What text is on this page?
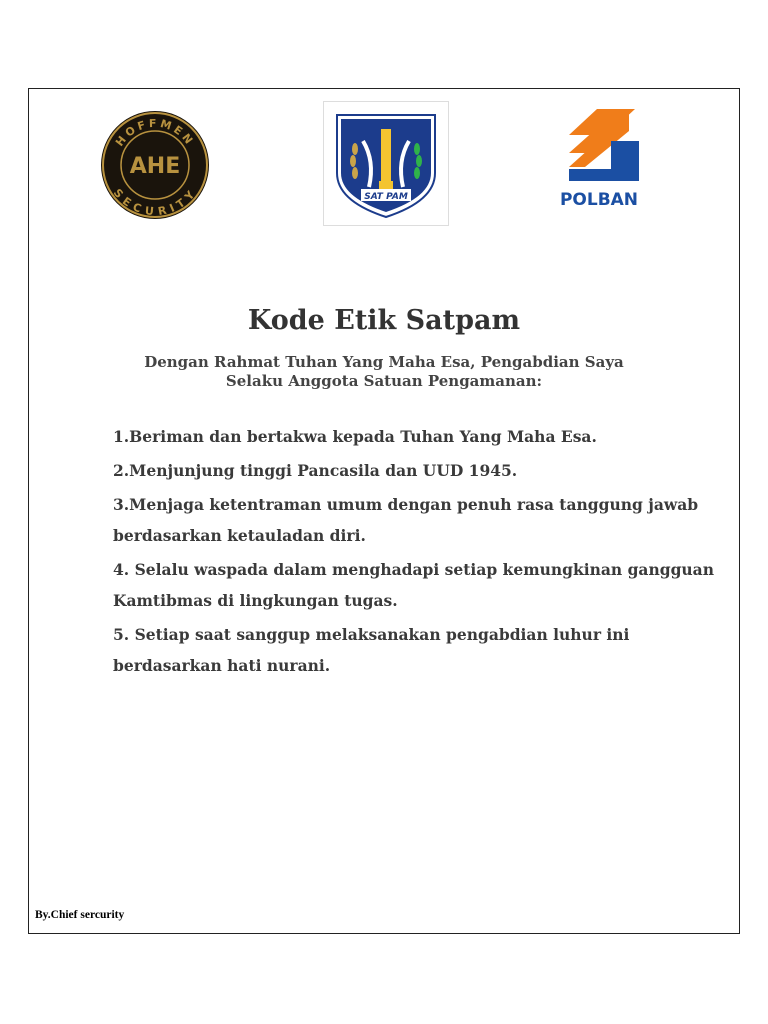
HOFFMEN
SECURITY
AHE
SAT PAM	POLBAN
Kode Etik Satpam
Dengan Rahmat Tuhan Yang Maha Esa, Pengabdian Saya
Selaku Anggota Satuan Pengamanan:
1.Beriman dan bertakwa kepada Tuhan Yang Maha Esa.
2.Menjunjung tinggi Pancasila dan UUD 1945.
3.Menjaga ketentraman umum dengan penuh rasa tanggung jawab berdasarkan ketauladan diri.
4. Selalu waspada dalam menghadapi setiap kemungkinan gangguan Kamtibmas di lingkungan tugas.
5. Setiap saat sanggup melaksanakan pengabdian luhur ini berdasarkan hati nurani.
By.Chief sercurity
